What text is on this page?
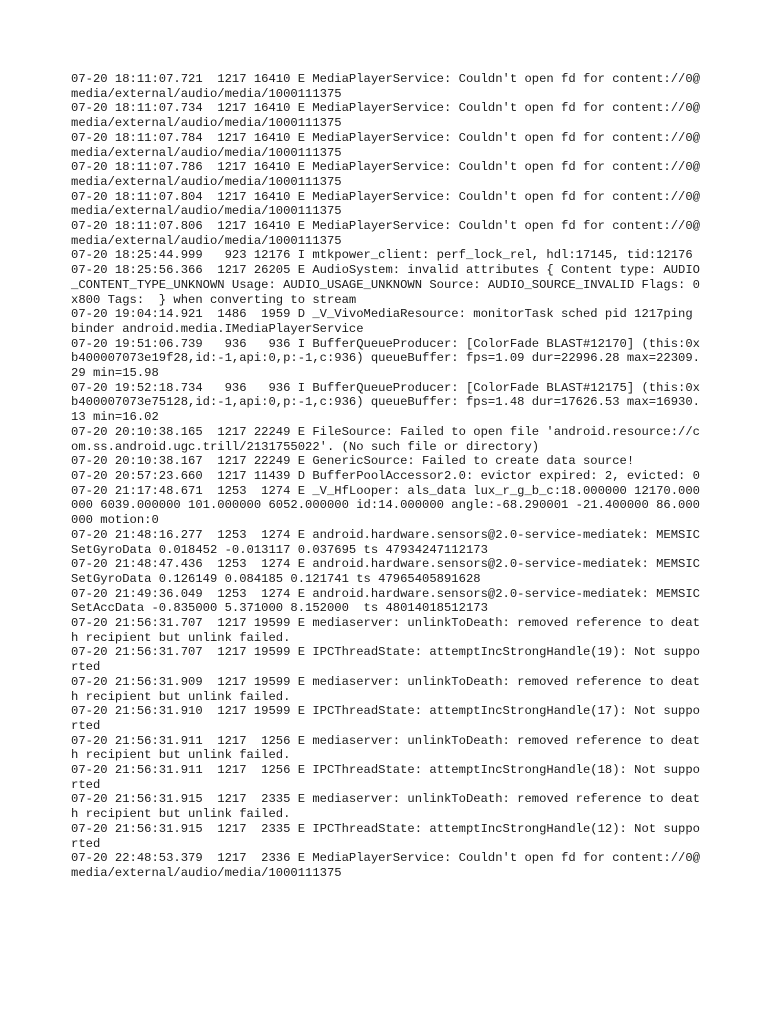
07-20 18:11:07.721  1217 16410 E MediaPlayerService: Couldn't open fd for content://0@media/external/audio/media/1000111375
07-20 18:11:07.734  1217 16410 E MediaPlayerService: Couldn't open fd for content://0@media/external/audio/media/1000111375
07-20 18:11:07.784  1217 16410 E MediaPlayerService: Couldn't open fd for content://0@media/external/audio/media/1000111375
07-20 18:11:07.786  1217 16410 E MediaPlayerService: Couldn't open fd for content://0@media/external/audio/media/1000111375
07-20 18:11:07.804  1217 16410 E MediaPlayerService: Couldn't open fd for content://0@media/external/audio/media/1000111375
07-20 18:11:07.806  1217 16410 E MediaPlayerService: Couldn't open fd for content://0@media/external/audio/media/1000111375
07-20 18:25:44.999   923 12176 I mtkpower_client: perf_lock_rel, hdl:17145, tid:12176
07-20 18:25:56.366  1217 26205 E AudioSystem: invalid attributes { Content type: AUDIO_CONTENT_TYPE_UNKNOWN Usage: AUDIO_USAGE_UNKNOWN Source: AUDIO_SOURCE_INVALID Flags: 0x800 Tags:  } when converting to stream
07-20 19:04:14.921  1486  1959 D _V_VivoMediaResource: monitorTask sched pid 1217ping binder android.media.IMediaPlayerService
07-20 19:51:06.739   936   936 I BufferQueueProducer: [ColorFade BLAST#12170] (this:0xb400007073e19f28,id:-1,api:0,p:-1,c:936) queueBuffer: fps=1.09 dur=22996.28 max=22309.29 min=15.98
07-20 19:52:18.734   936   936 I BufferQueueProducer: [ColorFade BLAST#12175] (this:0xb400007073e75128,id:-1,api:0,p:-1,c:936) queueBuffer: fps=1.48 dur=17626.53 max=16930.13 min=16.02
07-20 20:10:38.165  1217 22249 E FileSource: Failed to open file 'android.resource://com.ss.android.ugc.trill/2131755022'. (No such file or directory)
07-20 20:10:38.167  1217 22249 E GenericSource: Failed to create data source!
07-20 20:57:23.660  1217 11439 D BufferPoolAccessor2.0: evictor expired: 2, evicted: 0
07-20 21:17:48.671  1253  1274 E _V_HfLooper: als_data lux_r_g_b_c:18.000000 12170.000000 6039.000000 101.000000 6052.000000 id:14.000000 angle:-68.290001 -21.400000 86.000000 motion:0
07-20 21:48:16.277  1253  1274 E android.hardware.sensors@2.0-service-mediatek: MEMSIC SetGyroData 0.018452 -0.013117 0.037695 ts 47934247112173
07-20 21:48:47.436  1253  1274 E android.hardware.sensors@2.0-service-mediatek: MEMSIC SetGyroData 0.126149 0.084185 0.121741 ts 47965405891628
07-20 21:49:36.049  1253  1274 E android.hardware.sensors@2.0-service-mediatek: MEMSIC SetAccData -0.835000 5.371000 8.152000  ts 48014018512173
07-20 21:56:31.707  1217 19599 E mediaserver: unlinkToDeath: removed reference to death recipient but unlink failed.
07-20 21:56:31.707  1217 19599 E IPCThreadState: attemptIncStrongHandle(19): Not supported
07-20 21:56:31.909  1217 19599 E mediaserver: unlinkToDeath: removed reference to death recipient but unlink failed.
07-20 21:56:31.910  1217 19599 E IPCThreadState: attemptIncStrongHandle(17): Not supported
07-20 21:56:31.911  1217  1256 E mediaserver: unlinkToDeath: removed reference to death recipient but unlink failed.
07-20 21:56:31.911  1217  1256 E IPCThreadState: attemptIncStrongHandle(18): Not supported
07-20 21:56:31.915  1217  2335 E mediaserver: unlinkToDeath: removed reference to death recipient but unlink failed.
07-20 21:56:31.915  1217  2335 E IPCThreadState: attemptIncStrongHandle(12): Not supported
07-20 22:48:53.379  1217  2336 E MediaPlayerService: Couldn't open fd for content://0@media/external/audio/media/1000111375
